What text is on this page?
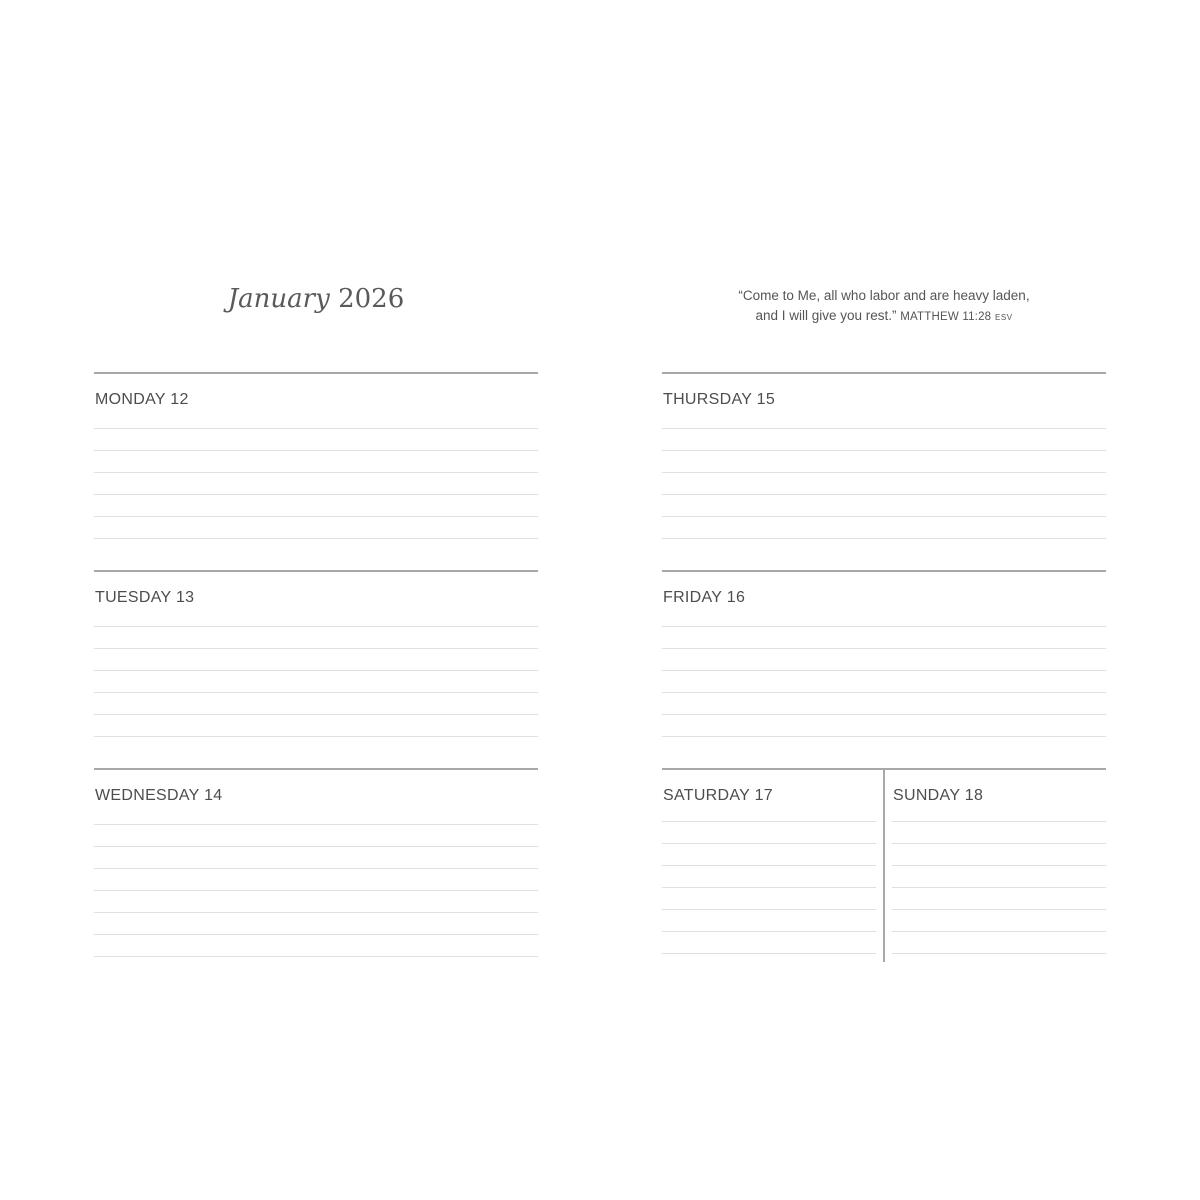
January 2026	“Come to Me, all who labor and are heavy laden,
and I will give you rest.” MATTHEW 11:28 ESV
MONDAY 12
TUESDAY 13
WEDNESDAY 14
THURSDAY 15
FRIDAY 16
SATURDAY 17	SUNDAY 18
